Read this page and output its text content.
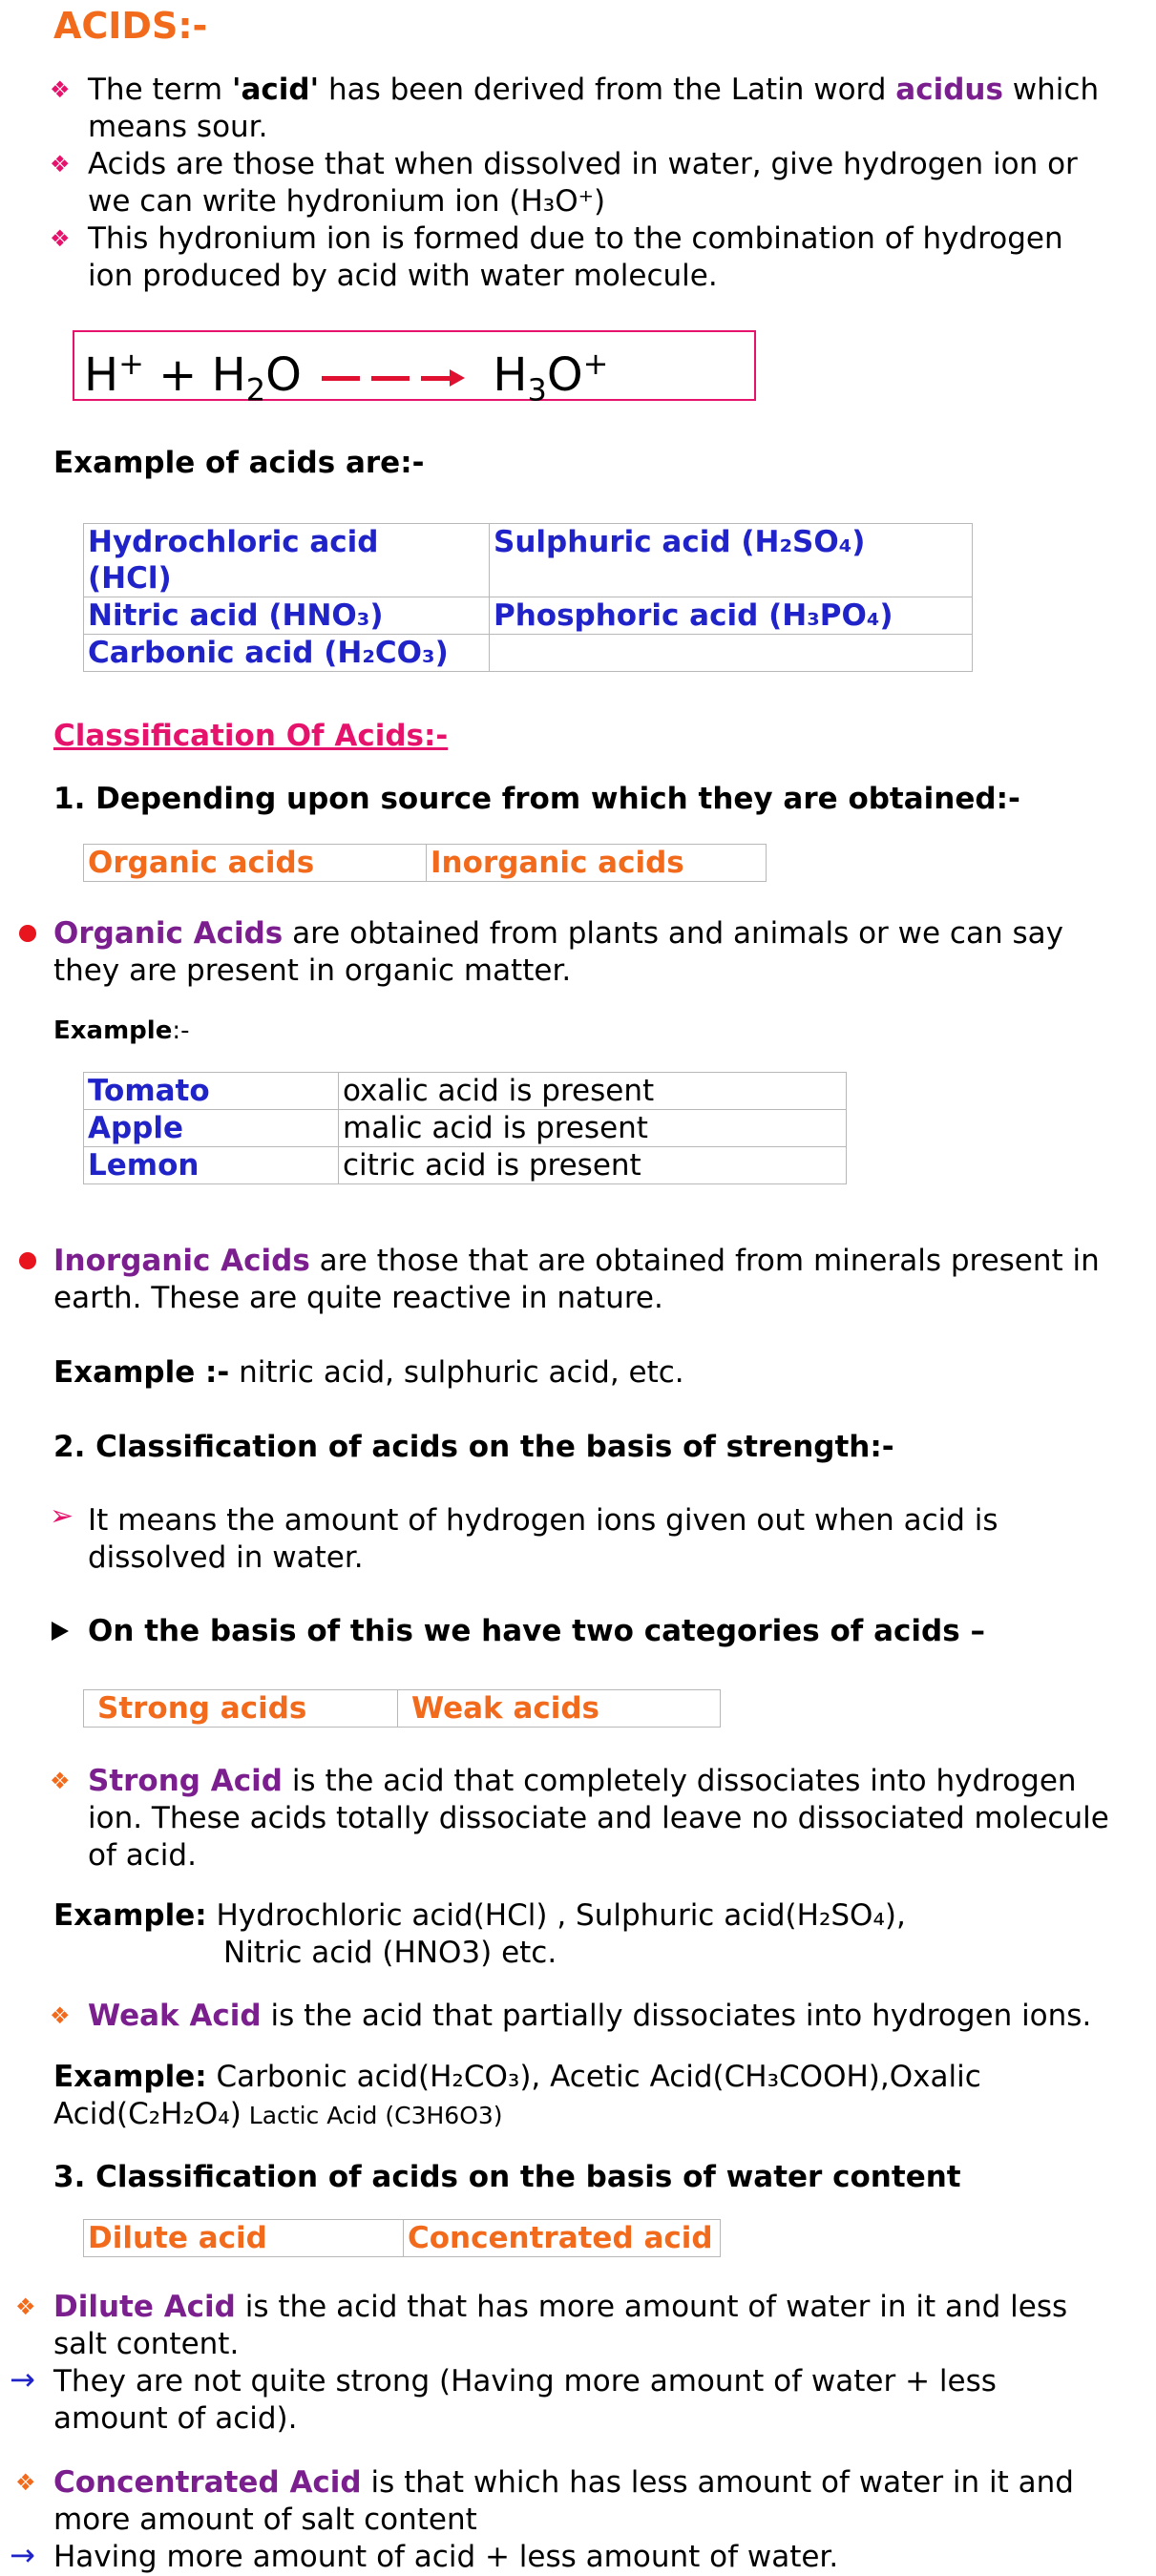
ACIDS:-
❖ The term 'acid' has been derived from the Latin word acidus which
means sour.
❖ Acids are those that when dissolved in water, give hydrogen ion or
we can write hydronium ion (H₃O⁺)
❖ This hydronium ion is formed due to the combination of hydrogen
ion produced by acid with water molecule.
$H^+ + H_2O$	$H_3O^+$
Example of acids are:-
Hydrochloric acid
(HCl)	Sulphuric acid (H₂SO₄)
Nitric acid (HNO₃)	Phosphoric acid (H₃PO₄)
Carbonic acid (H₂CO₃)	
Classification Of Acids:-
1. Depending upon source from which they are obtained:-
Organic acids	Inorganic acids
Organic Acids are obtained from plants and animals or we can say
they are present in organic matter.
Example:-
Tomato	oxalic acid is present
Apple	malic acid is present
Lemon	citric acid is present
Inorganic Acids are those that are obtained from minerals present in
earth. These are quite reactive in nature.
Example :- nitric acid, sulphuric acid, etc.
2. Classification of acids on the basis of strength:-
➢ It means the amount of hydrogen ions given out when acid is
dissolved in water.
On the basis of this we have two categories of acids –
Strong acids	Weak acids
❖ Strong Acid is the acid that completely dissociates into hydrogen
ion. These acids totally dissociate and leave no dissociated molecule
of acid.
Example: Hydrochloric acid(HCl) , Sulphuric acid(H₂SO₄),
Nitric acid (HNO3) etc.
❖ Weak Acid is the acid that partially dissociates into hydrogen ions.
Example: Carbonic acid(H₂CO₃), Acetic Acid(CH₃COOH),Oxalic
Acid(C₂H₂O₄) Lactic Acid (C3H6O3)
3. Classification of acids on the basis of water content
Dilute acid	Concentrated acid
❖ Dilute Acid is the acid that has more amount of water in it and less
salt content.
→ They are not quite strong (Having more amount of water + less
amount of acid).
❖ Concentrated Acid is that which has less amount of water in it and
more amount of salt content
→ Having more amount of acid + less amount of water.
